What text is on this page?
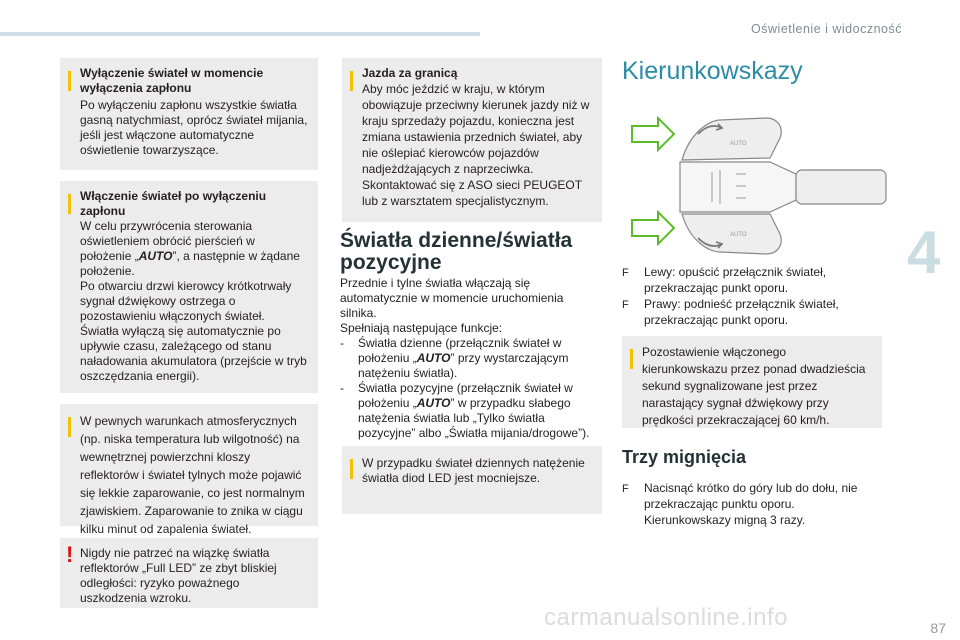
Oświetlenie i widoczność
4
Wyłączenie świateł w momencie wyłączenia zapłonu

Po wyłączeniu zapłonu wszystkie światła gasną natychmiast, oprócz świateł mijania, jeśli jest włączone automatyczne oświetlenie towarzyszące.

Włączenie świateł po wyłączeniu zapłonu

W celu przywrócenia sterowania oświetleniem obrócić pierścień w położenie „AUTO”, a następnie w żądane położenie.

Po otwarciu drzwi kierowcy krótkotrwały sygnał dźwiękowy ostrzega o pozostawieniu włączonych świateł.

Światła wyłączą się automatycznie po upływie czasu, zależącego od stanu naładowania akumulatora (przejście w tryb oszczędzania energii).

W pewnych warunkach atmosferycznych (np. niska temperatura lub wilgotność) na wewnętrznej powierzchni kloszy reflektorów i świateł tylnych może pojawić się lekkie zaparowanie, co jest normalnym zjawiskiem. Zaparowanie to znika w ciągu kilku minut od zapalenia świateł.

! Nigdy nie patrzeć na wiązkę światła reflektorów „Full LED” ze zbyt bliskiej odległości: ryzyko poważnego uszkodzenia wzroku.

Jazda za granicą

Aby móc jeździć w kraju, w którym obowiązuje przeciwny kierunek jazdy niż w kraju sprzedaży pojazdu, konieczna jest zmiana ustawienia przednich świateł, aby nie oślepiać kierowców pojazdów nadjeżdżających z naprzeciwka. Skontaktować się z ASO sieci PEUGEOT lub z warsztatem specjalistycznym.

Światła dzienne/światła pozycyjne

Przednie i tylne światła włączają się automatycznie w momencie uruchomienia silnika.

Spełniają następujące funkcje:

- Światła dzienne (przełącznik świateł w położeniu „AUTO” przy wystarczającym natężeniu światła).
- Światła pozycyjne (przełącznik świateł w położeniu „AUTO” w przypadku słabego natężenia światła lub „Tylko światła pozycyjne” albo „Światła mijania/drogowe”).

W przypadku świateł dziennych natężenie światła diod LED jest mocniejsze.

Kierunkowskazy
AUTO
AUTO
F Lewy: opuścić przełącznik świateł, przekraczając punkt oporu.
F Prawy: podnieść przełącznik świateł, przekraczając punkt oporu.

Pozostawienie włączonego kierunkowskazu przez ponad dwadzieścia sekund sygnalizowane jest przez narastający sygnał dźwiękowy przy prędkości przekraczającej 60 km/h.

Trzy mignięcia
F Nacisnąć krótko do góry lub do dołu, nie przekraczając punktu oporu. Kierunkowskazy migną 3 razy.
carmanualsonline.info	87
